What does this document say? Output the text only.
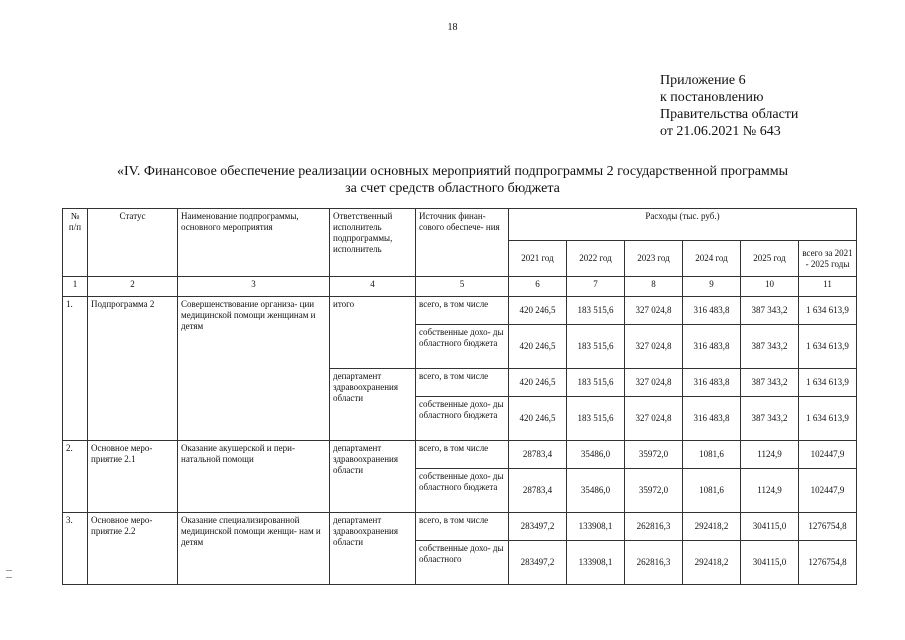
18
Приложение 6
к постановлению
Правительства области
от 21.06.2021 № 643
«IV. Финансовое обеспечение реализации основных мероприятий подпрограммы 2 государственной программы
за счет средств областного бюджета
№ п/п	Статус	Наименование подпрограммы, основного мероприятия	Ответственный исполнитель подпрограммы, исполнитель	Источник финан- сового обеспече- ния	Расходы (тыс. руб.)					
					2021 год	2022 год	2023 год	2024 год	2025 год	всего за 2021 - 2025 годы
1	2	3	4	5	6	7	8	9	10	11
1.	Подпрограмма 2	Совершенствование организа- ции медицинской помощи женщинам и детям	итого	всего, в том числе	420 246,5	183 515,6	327 024,8	316 483,8	387 343,2	1 634 613,9
				собственные дохо- ды областного бюджета	420 246,5	183 515,6	327 024,8	316 483,8	387 343,2	1 634 613,9
			департамент здравоохранения области	всего, в том числе	420 246,5	183 515,6	327 024,8	316 483,8	387 343,2	1 634 613,9
				собственные дохо- ды областного бюджета	420 246,5	183 515,6	327 024,8	316 483,8	387 343,2	1 634 613,9
2.	Основное меро- приятие 2.1	Оказание акушерской и пери- натальной помощи	департамент здравоохранения области	всего, в том числе	28783,4	35486,0	35972,0	1081,6	1124,9	102447,9
				собственные дохо- ды областного бюджета	28783,4	35486,0	35972,0	1081,6	1124,9	102447,9
3.	Основное меро- приятие 2.2	Оказание специализированной медицинской помощи женщи- нам и детям	департамент здравоохранения области	всего, в том числе	283497,2	133908,1	262816,3	292418,2	304115,0	1276754,8
				собственные дохо- ды областного	283497,2	133908,1	262816,3	292418,2	304115,0	1276754,8
